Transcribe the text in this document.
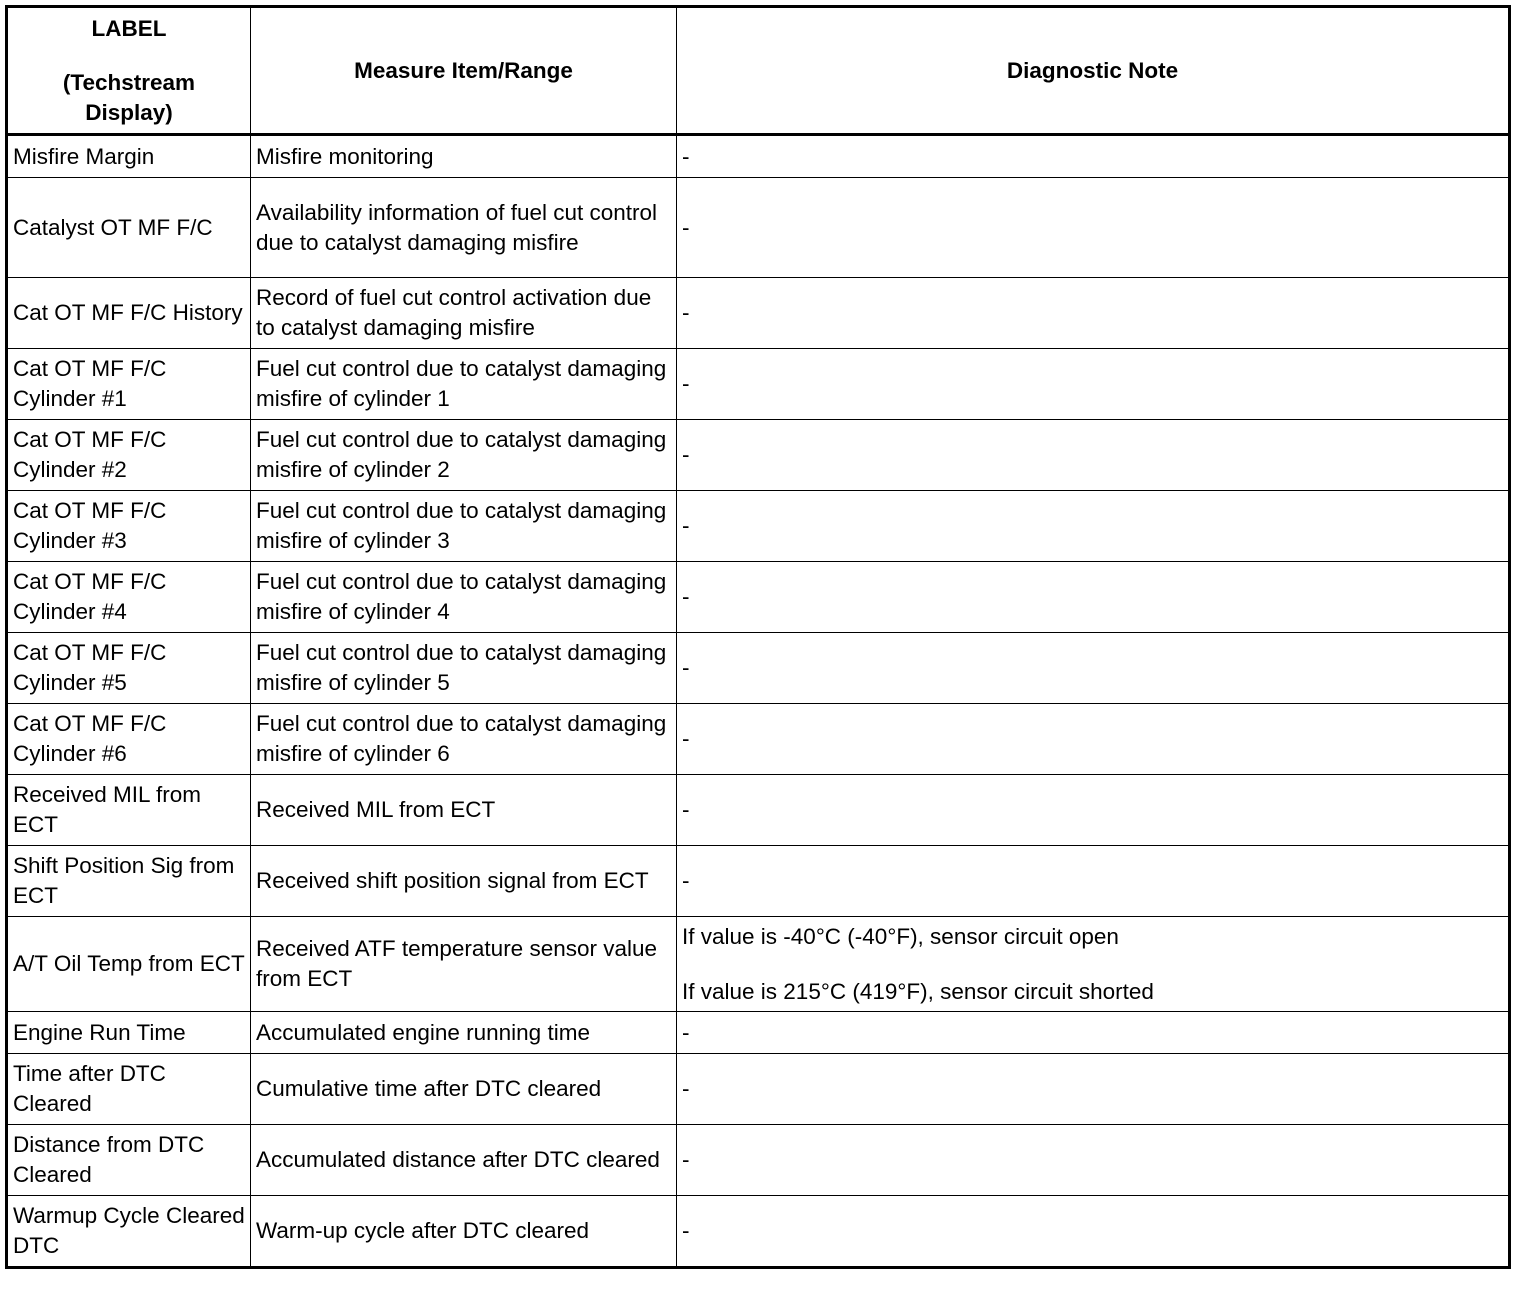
LABEL
(Techstream
Display)	Measure Item/Range	Diagnostic Note
Misfire Margin	Misfire monitoring	-
Catalyst OT MF F/C	Availability information of fuel cut control due to catalyst damaging misfire	-
Cat OT MF F/C History	Record of fuel cut control activation due to catalyst damaging misfire	-
Cat OT MF F/C Cylinder #1	Fuel cut control due to catalyst damaging misfire of cylinder 1	-
Cat OT MF F/C Cylinder #2	Fuel cut control due to catalyst damaging misfire of cylinder 2	-
Cat OT MF F/C Cylinder #3	Fuel cut control due to catalyst damaging misfire of cylinder 3	-
Cat OT MF F/C Cylinder #4	Fuel cut control due to catalyst damaging misfire of cylinder 4	-
Cat OT MF F/C Cylinder #5	Fuel cut control due to catalyst damaging misfire of cylinder 5	-
Cat OT MF F/C Cylinder #6	Fuel cut control due to catalyst damaging misfire of cylinder 6	-
Received MIL from ECT	Received MIL from ECT	-
Shift Position Sig from ECT	Received shift position signal from ECT	-
A/T Oil Temp from ECT	Received ATF temperature sensor value from ECT	If value is -40°C (-40°F), sensor circuit open
If value is 215°C (419°F), sensor circuit shorted

Engine Run Time	Accumulated engine running time	-
Time after DTC Cleared	Cumulative time after DTC cleared	-
Distance from DTC Cleared	Accumulated distance after DTC cleared	-
Warmup Cycle Cleared DTC	Warm-up cycle after DTC cleared	-
